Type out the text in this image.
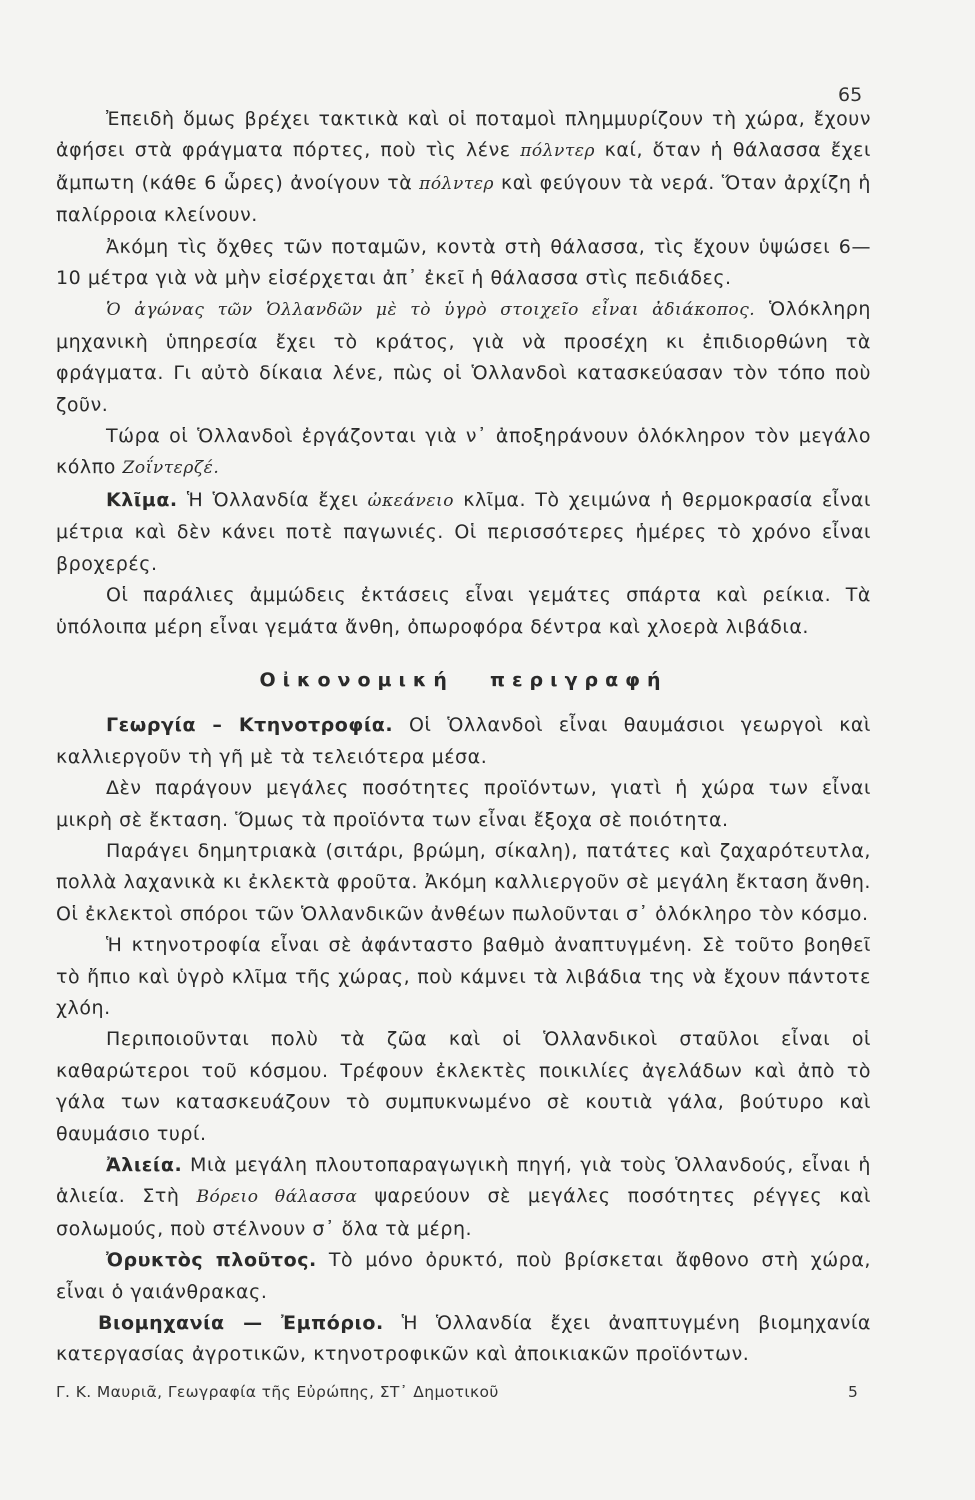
65

Ἐπειδὴ ὅμως βρέχει τακτικὰ καὶ οἱ ποταμοὶ πλημμυρίζουν τὴ χώρα, ἔχουν ἀφήσει στὰ φράγματα πόρτες, ποὺ τὶς λένε πόλντερ καί, ὅταν ἡ θάλασσα ἔχει ἄμπωτη (κάθε 6 ὧρες) ἀνοίγουν τὰ πόλντερ καὶ φεύγουν τὰ νερά. Ὅταν ἀρχίζη ἡ παλίρροια κλείνουν.

Ἀκόμη τὶς ὄχθες τῶν ποταμῶν, κοντὰ στὴ θάλασσα, τὶς ἔχουν ὑψώσει 6—10 μέτρα γιὰ νὰ μὴν εἰσέρχεται ἀπ᾽ ἐκεῖ ἡ θάλασσα στὶς πεδιάδες.

Ὁ ἀγώνας τῶν Ὁλλανδῶν μὲ τὸ ὑγρὸ στοιχεῖο εἶναι ἀδιάκοπος. Ὁλόκληρη μηχανικὴ ὑπηρεσία ἔχει τὸ κράτος, γιὰ νὰ προσέχη κι ἐπιδιορθώνη τὰ φράγματα. Γι αὐτὸ δίκαια λένε, πὼς οἱ Ὁλλανδοὶ κατασκεύασαν τὸν τόπο ποὺ ζοῦν.

Τώρα οἱ Ὁλλανδοὶ ἐργάζονται γιὰ ν᾽ ἀποξηράνουν ὁλόκληρον τὸν μεγάλο κόλπο Ζοΐντερζέ.

Κλῖμα. Ἡ Ὁλλανδία ἔχει ὠκεάνειο κλῖμα. Τὸ χειμώνα ἡ θερμοκρασία εἶναι μέτρια καὶ δὲν κάνει ποτὲ παγωνιές. Οἱ περισσότερες ἡμέρες τὸ χρόνο εἶναι βροχερές.

Οἱ παράλιες ἀμμώδεις ἐκτάσεις εἶναι γεμάτες σπάρτα καὶ ρείκια. Τὰ ὑπόλοιπα μέρη εἶναι γεμάτα ἄνθη, ὀπωροφόρα δέντρα καὶ χλοερὰ λιβάδια.

Οἰκονομική περιγραφή

Γεωργία – Κτηνοτροφία. Οἱ Ὁλλανδοὶ εἶναι θαυμάσιοι γεωργοὶ καὶ καλλιεργοῦν τὴ γῆ μὲ τὰ τελειότερα μέσα.

Δὲν παράγουν μεγάλες ποσότητες προϊόντων, γιατὶ ἡ χώρα των εἶναι μικρὴ σὲ ἔκταση. Ὅμως τὰ προϊόντα των εἶναι ἔξοχα σὲ ποιότητα.

Παράγει δημητριακὰ (σιτάρι, βρώμη, σίκαλη), πατάτες καὶ ζαχαρότευτλα, πολλὰ λαχανικὰ κι ἐκλεκτὰ φροῦτα. Ἀκόμη καλλιεργοῦν σὲ μεγάλη ἔκταση ἄνθη. Οἱ ἐκλεκτοὶ σπόροι τῶν Ὁλλανδικῶν ἀνθέων πωλοῦνται σ᾽ ὁλόκληρο τὸν κόσμο.

Ἡ κτηνοτροφία εἶναι σὲ ἀφάνταστο βαθμὸ ἀναπτυγμένη. Σὲ τοῦτο βοηθεῖ τὸ ἤπιο καὶ ὑγρὸ κλῖμα τῆς χώρας, ποὺ κάμνει τὰ λιβάδια της νὰ ἔχουν πάντοτε χλόη.

Περιποιοῦνται πολὺ τὰ ζῶα καὶ οἱ Ὁλλανδικοὶ σταῦλοι εἶναι οἱ καθαρώτεροι τοῦ κόσμου. Τρέφουν ἐκλεκτὲς ποικιλίες ἀγελάδων καὶ ἀπὸ τὸ γάλα των κατασκευάζουν τὸ συμπυκνωμένο σὲ κουτιὰ γάλα, βούτυρο καὶ θαυμάσιο τυρί.

Ἀλιεία. Μιὰ μεγάλη πλουτοπαραγωγικὴ πηγή, γιὰ τοὺς Ὁλλανδούς, εἶναι ἡ ἁλιεία. Στὴ Βόρειο θάλασσα ψαρεύουν σὲ μεγάλες ποσότητες ρέγγες καὶ σολωμούς, ποὺ στέλνουν σ᾽ ὅλα τὰ μέρη.

Ὀρυκτὸς πλοῦτος. Τὸ μόνο ὀρυκτό, ποὺ βρίσκεται ἄφθονο στὴ χώρα, εἶναι ὁ γαιάνθρακας.

Βιομηχανία — Ἐμπόριο. Ἡ Ὁλλανδία ἔχει ἀναπτυγμένη βιομηχανία κατεργασίας ἀγροτικῶν, κτηνοτροφικῶν καὶ ἀποικιακῶν προϊόντων.

Γ. Κ. Μαυριᾶ, Γεωγραφία τῆς Εὐρώπης, ΣΤ᾽ Δημοτικοῦ	5
